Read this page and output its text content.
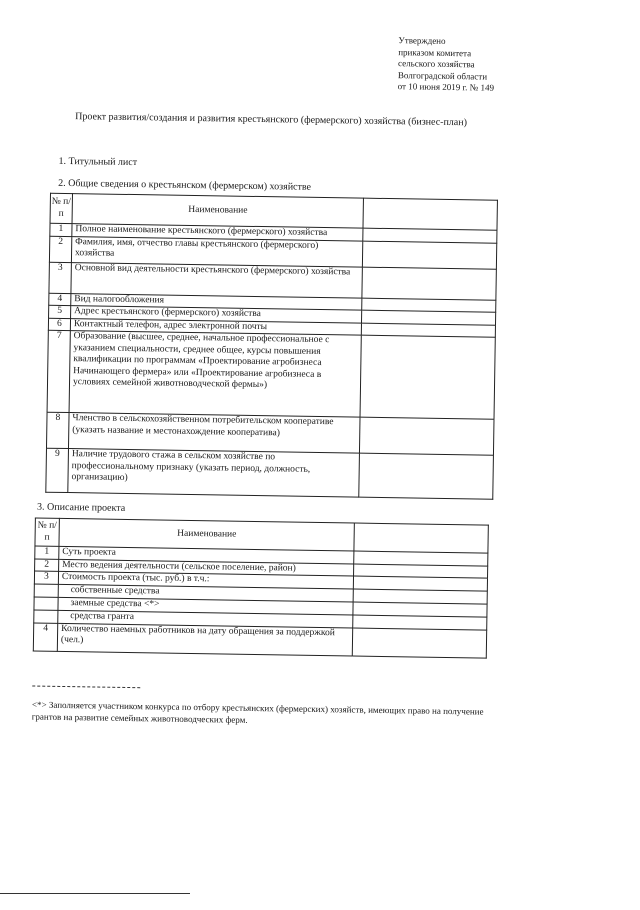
Утверждено
приказом комитета
сельского хозяйства
Волгоградской области
от 10 июня 2019 г. № 149
Проект развития/создания и развития крестьянского (фермерского) хозяйства (бизнес-план)
1. Титульный лист
2. Общие сведения о крестьянском (фермерском) хозяйстве
№ п/п	Наименование	
1	Полное наименование крестьянского (фермерского) хозяйства	
2	Фамилия, имя, отчество главы крестьянского (фермерского) хозяйства	
3	Основной вид деятельности крестьянского (фермерского) хозяйства	
4	Вид налогообложения	
5	Адрес крестьянского (фермерского) хозяйства	
6	Контактный телефон, адрес электронной почты	
7	Образование (высшее, среднее, начальное профессиональное с указанием специальности, среднее общее, курсы повышения квалификации по программам «Проектирование агробизнеса Начинающего фермера» или «Проектирование агробизнеса в условиях семейной животноводческой фермы»)	
8	Членство в сельскохозяйственном потребительском кооперативе (указать название и местонахождение кооператива)	
9	Наличие трудового стажа в сельском хозяйстве по профессиональному признаку (указать период, должность, организацию)	
3. Описание проекта
№ п/п	Наименование	
1	Суть проекта	
2	Место ведения деятельности (сельское поселение, район)	
3	Стоимость проекта (тыс. руб.) в т.ч.:	
	собственные средства	
	заемные средства <*>	
	средства гранта	
4	Количество наемных работников на дату обращения за поддержкой (чел.)	
<*> Заполняется участником конкурса по отбору крестьянских (фермерских) хозяйств, имеющих право на получение грантов на развитие семейных животноводческих ферм.
